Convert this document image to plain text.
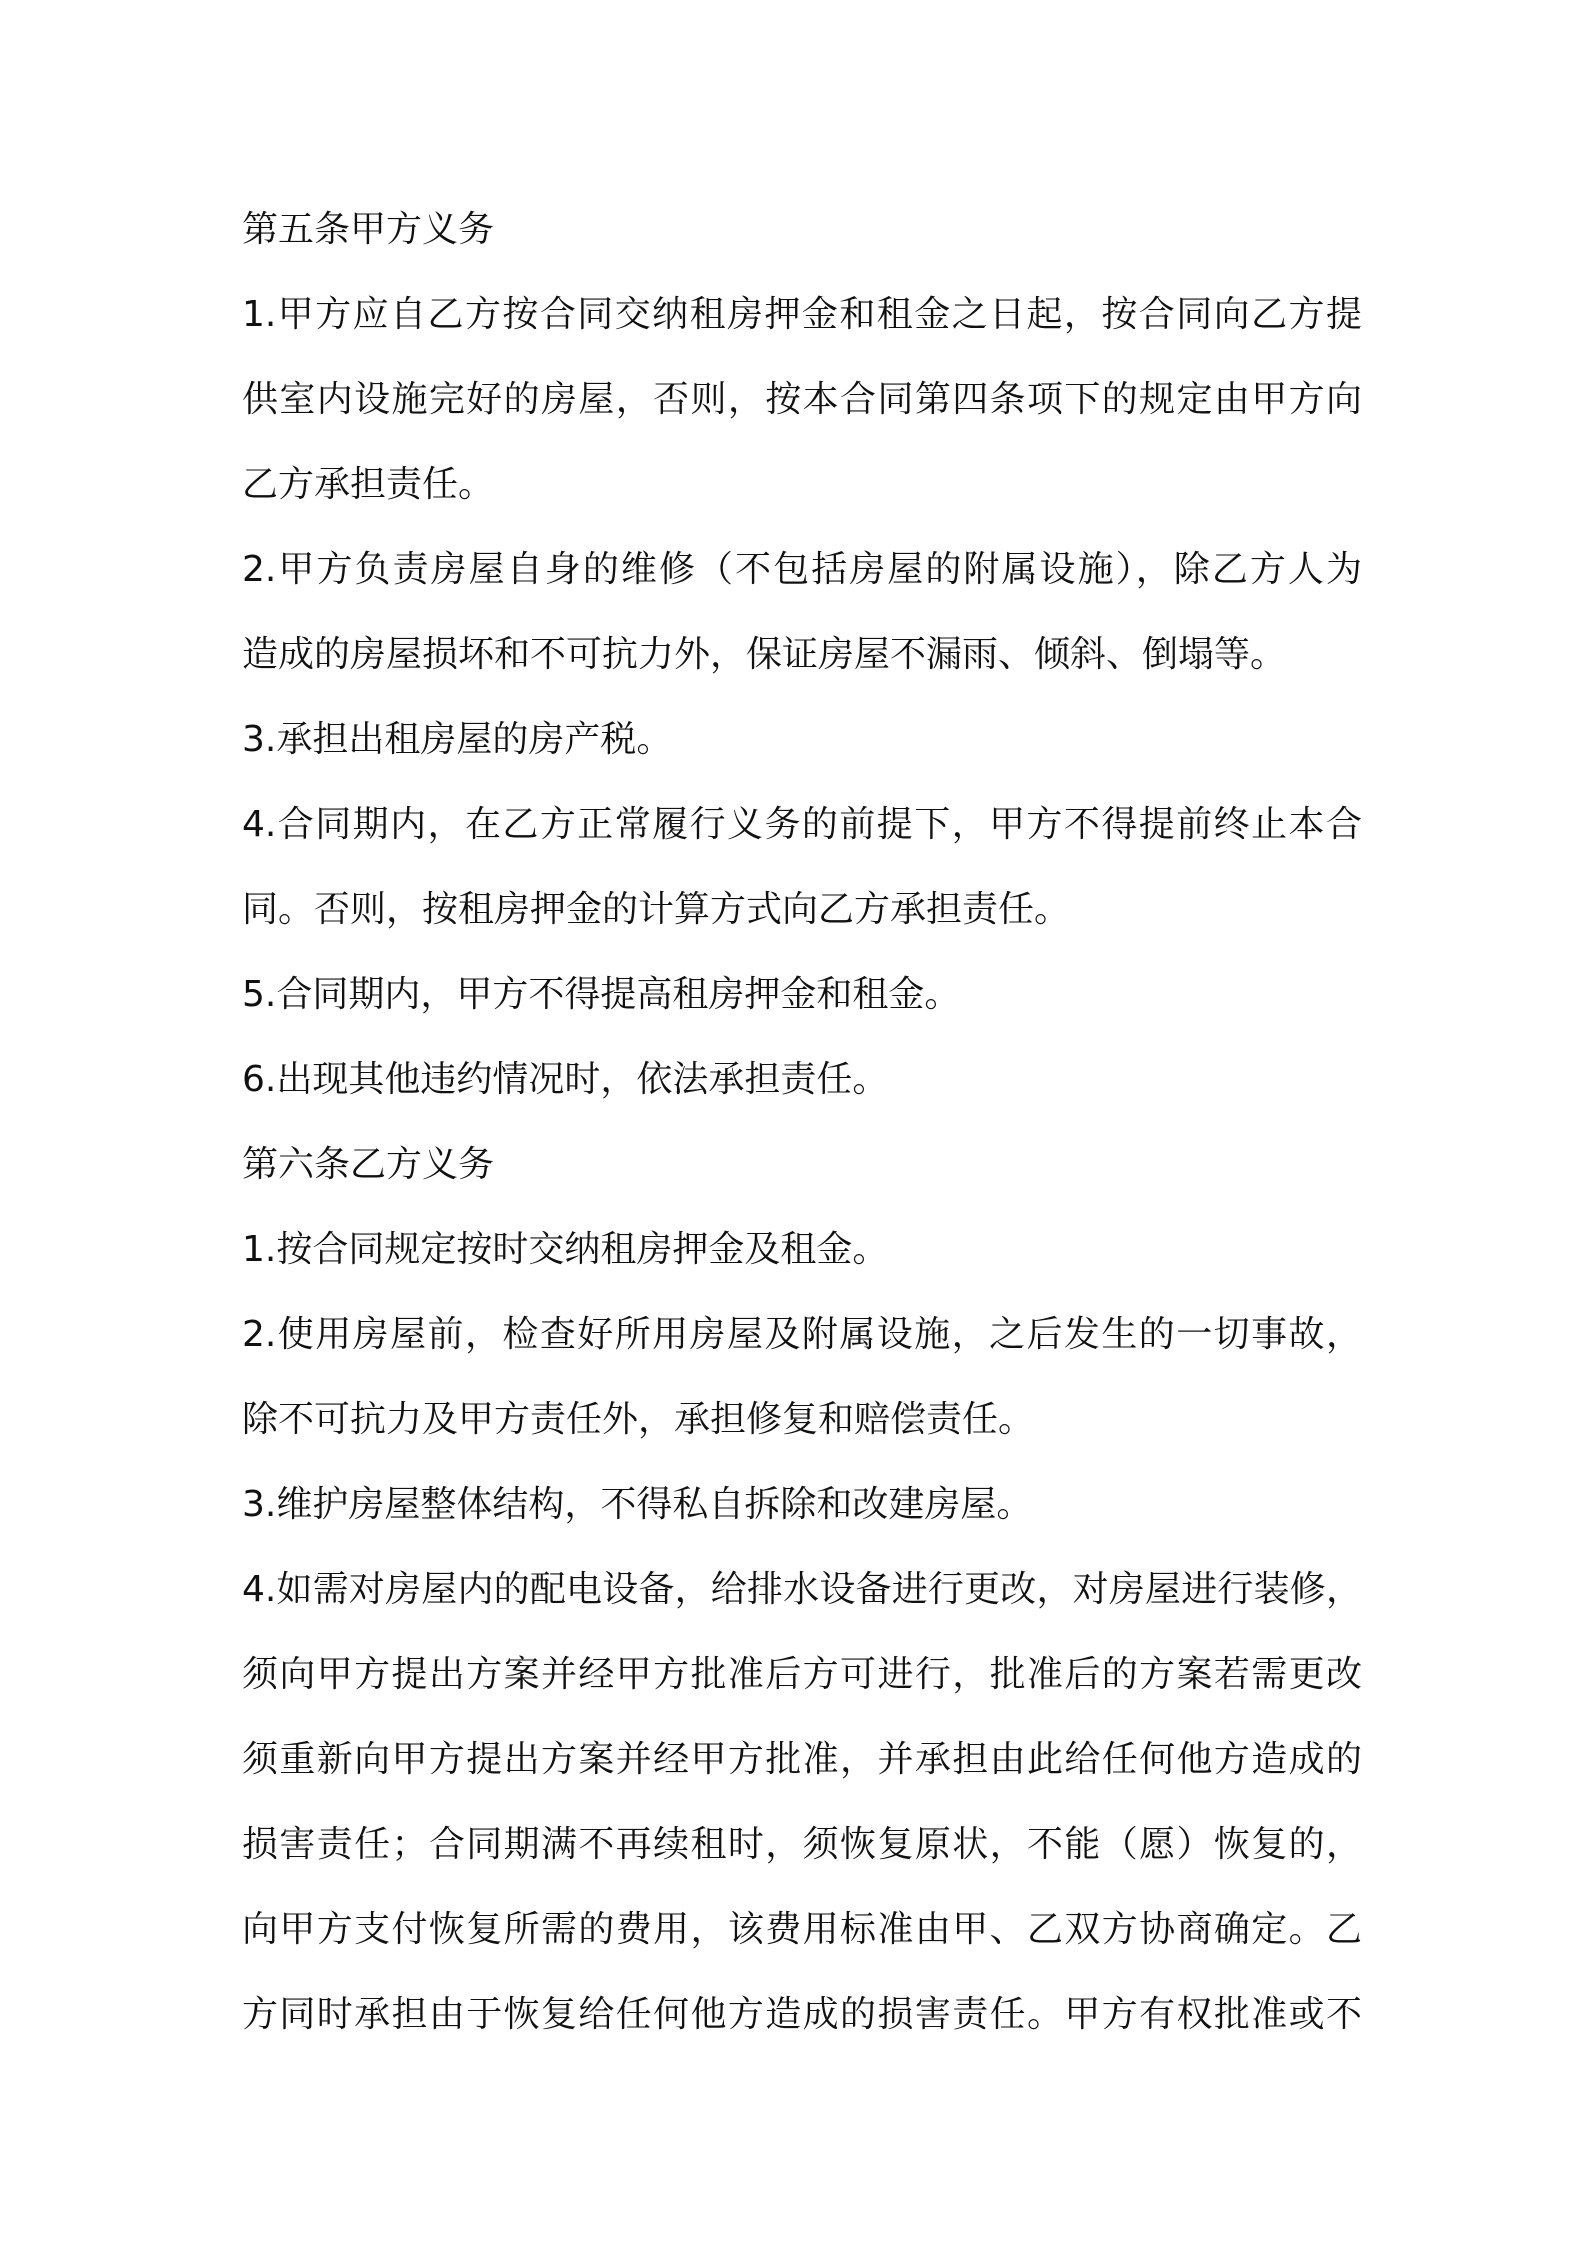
第五条甲方义务
1.甲方应自乙方按合同交纳租房押金和租金之日起，按合同向乙方提
供室内设施完好的房屋，否则，按本合同第四条项下的规定由甲方向
乙方承担责任。
2.甲方负责房屋自身的维修（不包括房屋的附属设施），除乙方人为
造成的房屋损坏和不可抗力外，保证房屋不漏雨、倾斜、倒塌等。
3.承担出租房屋的房产税。
4.合同期内，在乙方正常履行义务的前提下，甲方不得提前终止本合
同。否则，按租房押金的计算方式向乙方承担责任。
5.合同期内，甲方不得提高租房押金和租金。
6.出现其他违约情况时，依法承担责任。
第六条乙方义务
1.按合同规定按时交纳租房押金及租金。
2.使用房屋前，检查好所用房屋及附属设施，之后发生的一切事故，
除不可抗力及甲方责任外，承担修复和赔偿责任。
3.维护房屋整体结构，不得私自拆除和改建房屋。
4.如需对房屋内的配电设备，给排水设备进行更改，对房屋进行装修，
须向甲方提出方案并经甲方批准后方可进行，批准后的方案若需更改
须重新向甲方提出方案并经甲方批准，并承担由此给任何他方造成的
损害责任；合同期满不再续租时，须恢复原状，不能（愿）恢复的，
向甲方支付恢复所需的费用，该费用标准由甲、乙双方协商确定。乙
方同时承担由于恢复给任何他方造成的损害责任。甲方有权批准或不
